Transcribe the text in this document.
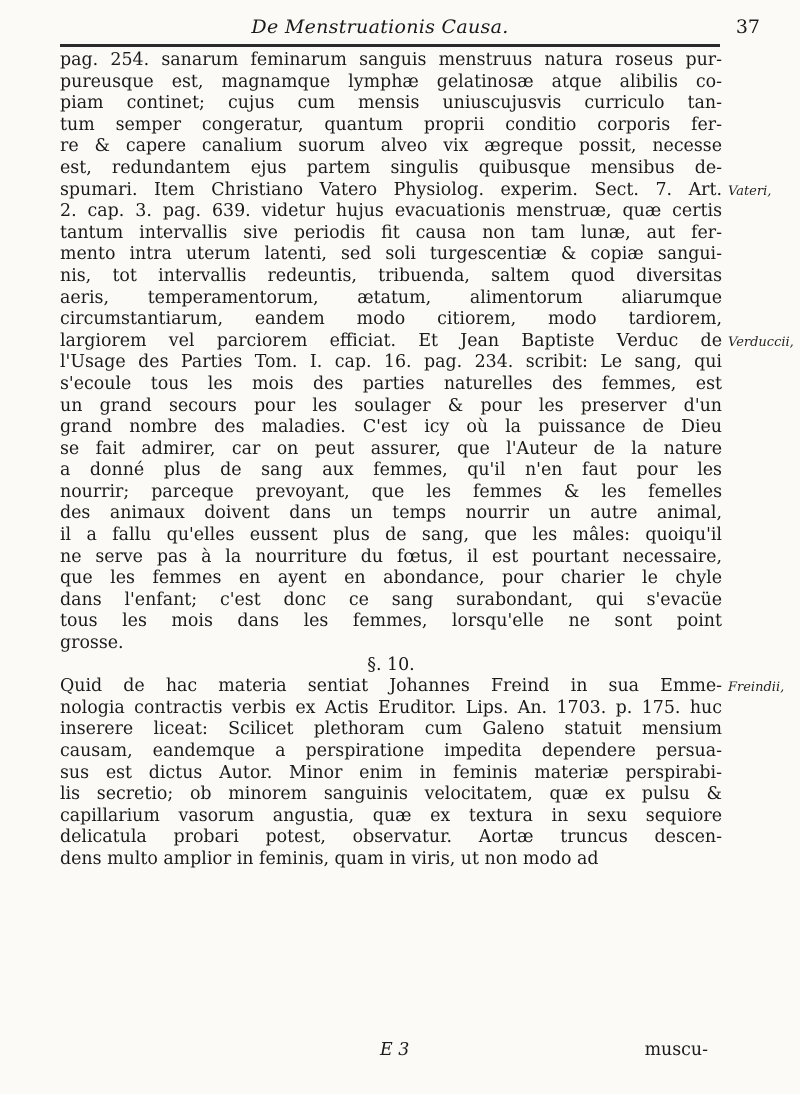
De Menstruationis Causa.	37
pag. 254. sanarum feminarum sanguis menstruus natura roseus pur-
pureusque est, magnamque lymphæ gelatinosæ atque alibilis co-
piam continet; cujus cum mensis uniuscujusvis curriculo tan-
tum semper congeratur, quantum proprii conditio corporis fer-
re & capere canalium suorum alveo vix ægreque possit, necesse
est, redundantem ejus partem singulis quibusque mensibus de-
spumari. Item Christiano Vatero Physiolog. experim. Sect. 7. Art.
2. cap. 3. pag. 639. videtur hujus evacuationis menstruæ, quæ certis
tantum intervallis sive periodis fit causa non tam lunæ, aut fer-
mento intra uterum latenti, sed soli turgescentiæ & copiæ sangui-
nis, tot intervallis redeuntis, tribuenda, saltem quod diversitas
aeris, temperamentorum, ætatum, alimentorum aliarumque
circumstantiarum, eandem modo citiorem, modo tardiorem,
largiorem vel parciorem efficiat. Et Jean Baptiste Verduc de
l'Usage des Parties Tom. I. cap. 16. pag. 234. scribit: Le sang, qui
s'ecoule tous les mois des parties naturelles des femmes, est
un grand secours pour les soulager & pour les preserver d'un
grand nombre des maladies. C'est icy où la puissance de Dieu
se fait admirer, car on peut assurer, que l'Auteur de la nature
a donné plus de sang aux femmes, qu'il n'en faut pour les
nourrir; parceque prevoyant, que les femmes & les femelles
des animaux doivent dans un temps nourrir un autre animal,
il a fallu qu'elles eussent plus de sang, que les mâles: quoiqu'il
ne serve pas à la nourriture du fœtus, il est pourtant necessaire,
que les femmes en ayent en abondance, pour charier le chyle
dans l'enfant; c'est donc ce sang surabondant, qui s'evacüe
tous les mois dans les femmes, lorsqu'elle ne sont point
grosse.
§. 10.
Quid de hac materia sentiat Johannes Freind in sua Emme-
nologia contractis verbis ex Actis Eruditor. Lips. An. 1703. p. 175. huc
inserere liceat: Scilicet plethoram cum Galeno statuit mensium
causam, eandemque a perspiratione impedita dependere persua-
sus est dictus Autor. Minor enim in feminis materiæ perspirabi-
lis secretio; ob minorem sanguinis velocitatem, quæ ex pulsu &
capillarium vasorum angustia, quæ ex textura in sexu sequiore
delicatula probari potest, observatur. Aortæ truncus descen-
dens multo amplior in feminis, quam in viris, ut non modo ad
Vateri,
Verduccii,
Freindii,
E 3	muscu-
